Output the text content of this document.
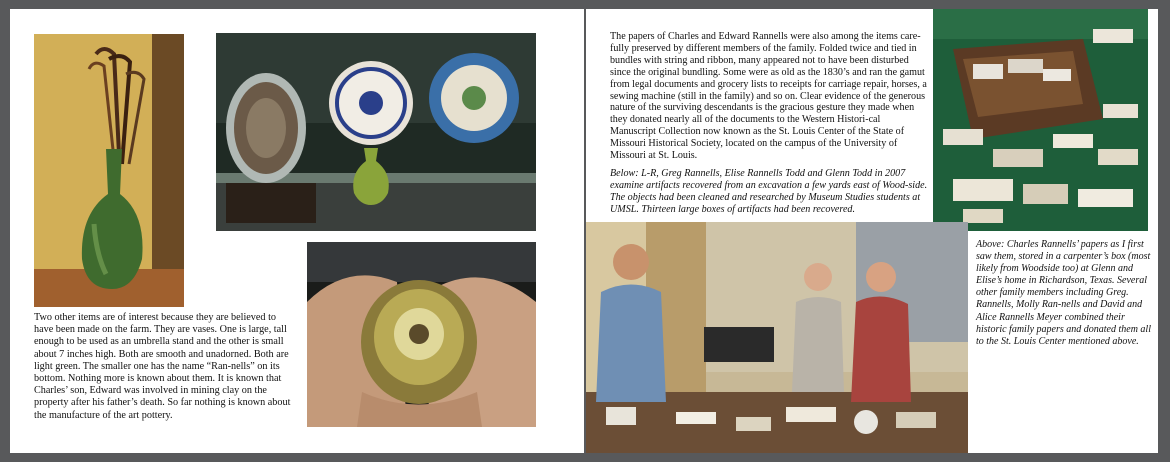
Two other items are of interest because they are believed to have been made on the farm. They are vases. One is large, tall enough to be used as an umbrella stand and the other is small about 7 inches high. Both are smooth and unadorned. Both are light green. The smaller one has the name “Ran-nells” on its bottom. Nothing more is known about them. It is known that Charles’ son, Edward was involved in mining clay on the property after his father’s death. So far nothing is known about the manufacture of the art pottery.

The papers of Charles and Edward Rannells were also among the items care-fully preserved by different members of the family. Folded twice and tied in bundles with string and ribbon, many appeared not to have been disturbed since the original bundling. Some were as old as the 1830’s and ran the gamut from legal documents and grocery lists to receipts for carriage repair, horses, a sewing machine (still in the family) and so on. Clear evidence of the generous nature of the surviving descendants is the gracious gesture they made when they donated nearly all of the documents to the Western Histori-cal Manuscript Collection now known as the St. Louis Center of the State of Missouri Historical Society, located on the campus of the University of Missouri at St. Louis.

Below: L-R, Greg Rannells, Elise Rannells Todd and Glenn Todd in 2007 examine artifacts recovered from an excavation a few yards east of Wood-side. The objects had been cleaned and researched by Museum Studies students at UMSL. Thirteen large boxes of artifacts had been recovered.

Above: Charles Rannells’ papers as I first saw them, stored in a carpenter’s box (most likely from Woodside too) at Glenn and Elise’s home in Richardson, Texas. Several other family members including Greg. Rannells, Molly Ran-nells and David and Alice Rannells Meyer combined their historic family papers and donated them all to the St. Louis Center mentioned above.
